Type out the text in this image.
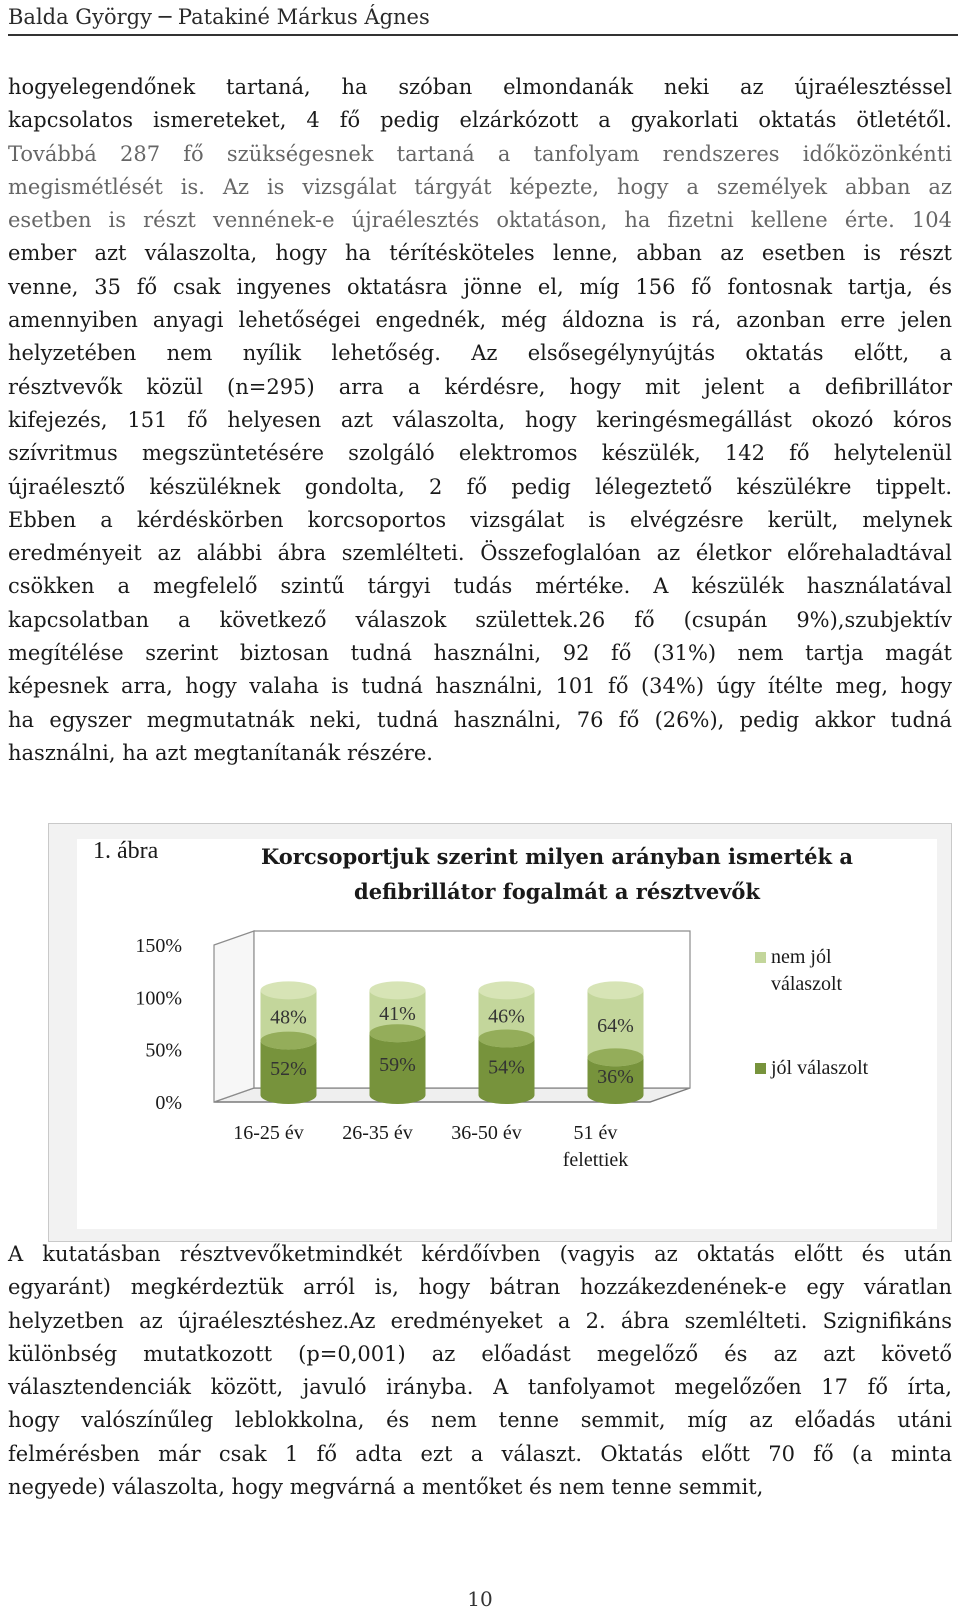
Balda György ─ Patakiné Márkus Ágnes
hogyelegendőnek tartaná, ha szóban elmondanák neki az újraélesztéssel
kapcsolatos ismereteket, 4 fő pedig elzárkózott a gyakorlati oktatás ötletétől.
Továbbá 287 fő szükségesnek tartaná a tanfolyam rendszeres időközönkénti
megismétlését is. Az is vizsgálat tárgyát képezte, hogy a személyek abban az
esetben is részt vennének-e újraélesztés oktatáson, ha fizetni kellene érte. 104
ember azt válaszolta, hogy ha térítésköteles lenne, abban az esetben is részt
venne, 35 fő csak ingyenes oktatásra jönne el, míg 156 fő fontosnak tartja, és
amennyiben anyagi lehetőségei engednék, még áldozna is rá, azonban erre jelen
helyzetében nem nyílik lehetőség. Az elsősegélynyújtás oktatás előtt, a
résztvevők közül (n=295) arra a kérdésre, hogy mit jelent a defibrillátor
kifejezés, 151 fő helyesen azt válaszolta, hogy keringésmegállást okozó kóros
szívritmus megszüntetésére szolgáló elektromos készülék, 142 fő helytelenül
újraélesztő készüléknek gondolta, 2 fő pedig lélegeztető készülékre tippelt.
Ebben a kérdéskörben korcsoportos vizsgálat is elvégzésre került, melynek
eredményeit az alábbi ábra szemlélteti. Összefoglalóan az életkor előrehaladtával
csökken a megfelelő szintű tárgyi tudás mértéke. A készülék használatával
kapcsolatban a következő válaszok születtek.26 fő (csupán 9%),szubjektív
megítélése szerint biztosan tudná használni, 92 fő (31%) nem tartja magát
képesnek arra, hogy valaha is tudná használni, 101 fő (34%) úgy ítélte meg, hogy
ha egyszer megmutatnák neki, tudná használni, 76 fő (26%), pedig akkor tudná
használni, ha azt megtanítanák részére.
1. ábra	Korcsoportjuk szerint milyen arányban ismerték a
defibrillátor fogalmát a résztvevők
0%
50%
100%
150%
52%
48%
59%
41%
54%
46%
36%
64%
16-25 év 26-35 év 36-50 év	51 év
felettiek
nem jól
válaszolt
jól válaszolt
A kutatásban résztvevőketmindkét kérdőívben (vagyis az oktatás előtt és után
egyaránt) megkérdeztük arról is, hogy bátran hozzákezdenének-e egy váratlan
helyzetben az újraélesztéshez.Az eredményeket a 2. ábra szemlélteti. Szignifikáns
különbség mutatkozott (p=0,001) az előadást megelőző és az azt követő
választendenciák között, javuló irányba. A tanfolyamot megelőzően 17 fő írta,
hogy valószínűleg leblokkolna, és nem tenne semmit, míg az előadás utáni
felmérésben már csak 1 fő adta ezt a választ. Oktatás előtt 70 fő (a minta
negyede) válaszolta, hogy megvárná a mentőket és nem tenne semmit,
10
